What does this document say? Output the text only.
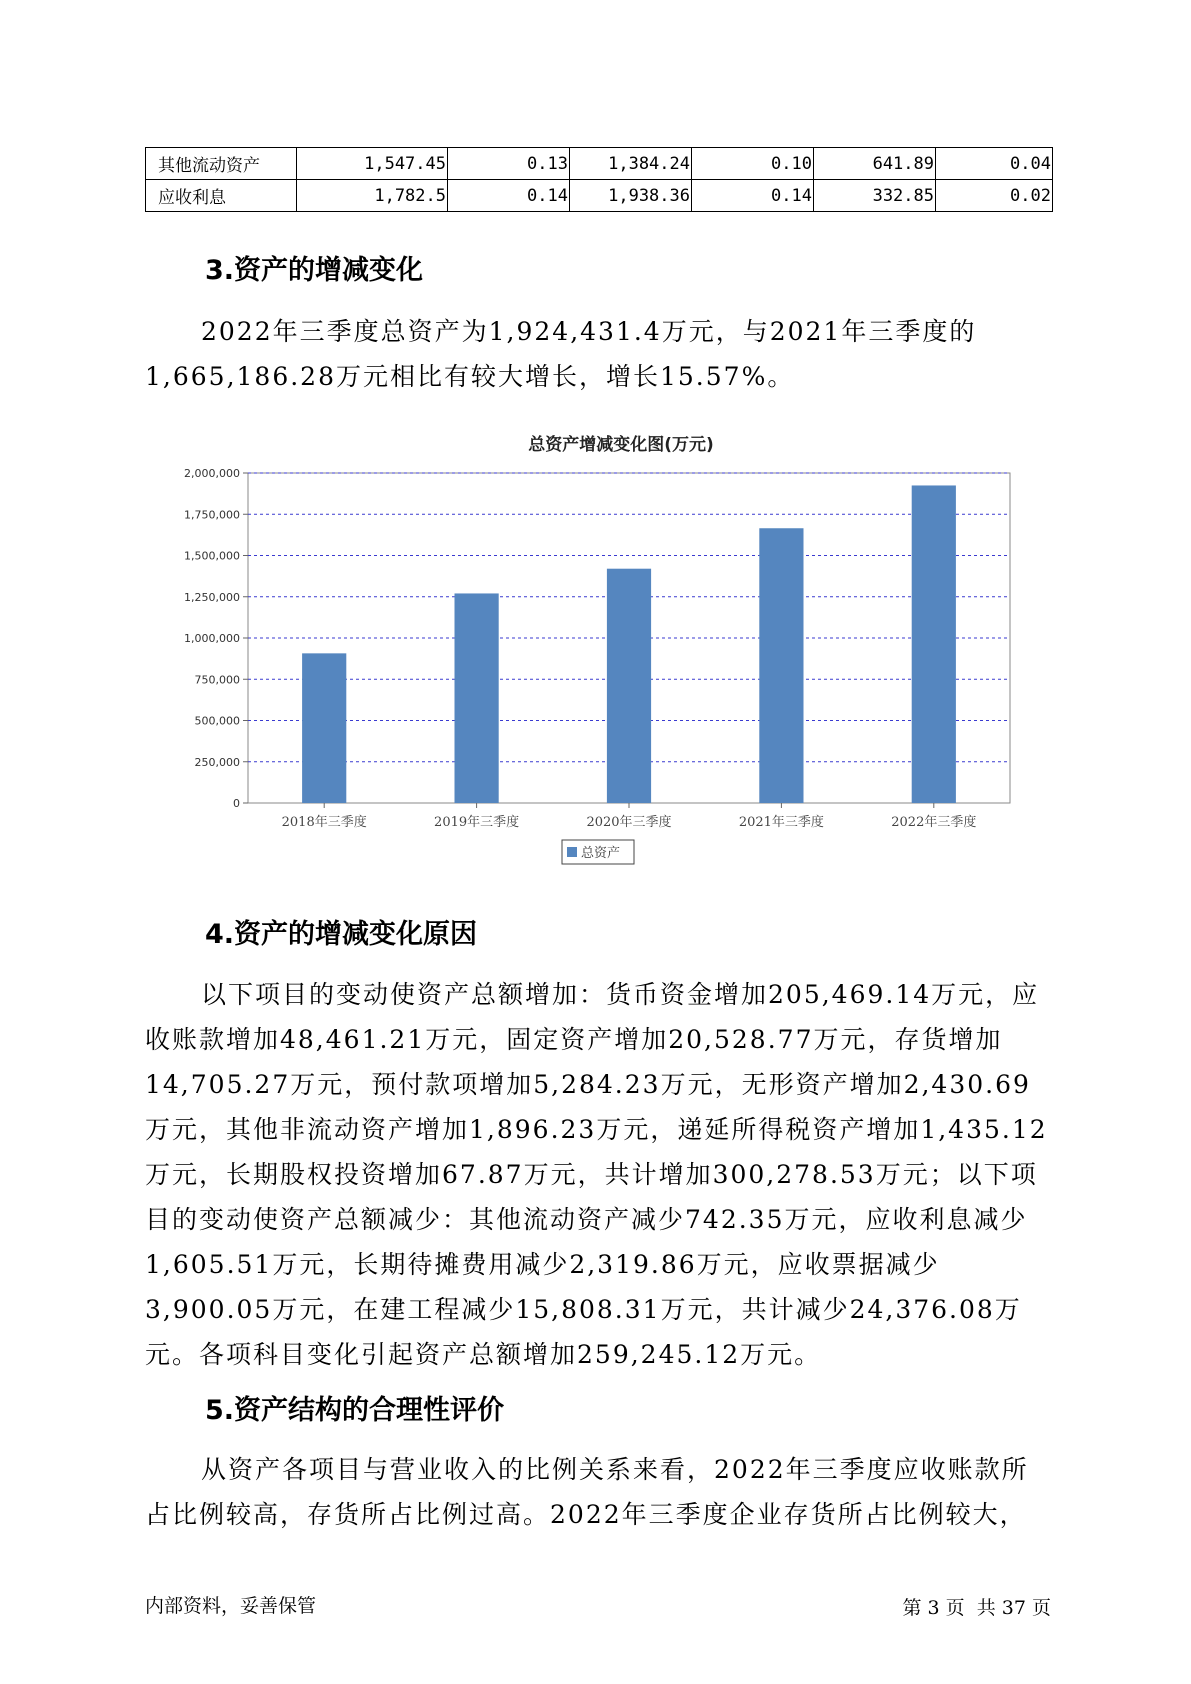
其他流动资产	1,547.45	0.13	1,384.24	0.10	641.89	0.04
应收利息	1,782.5	0.14	1,938.36	0.14	332.85	0.02
3.资产的增减变化

2022年三季度总资产为1,924,431.4万元，与2021年三季度的1,665,186.28万元相比有较大增长，增长15.57%。

总资产增减变化图(万元)
0
250,000
500,000
750,000
1,000,000
1,250,000
1,500,000
1,750,000
2,000,000
2018年三季度	2019年三季度	2020年三季度	2021年三季度	2022年三季度
总资产
4.资产的增减变化原因

以下项目的变动使资产总额增加：货币资金增加205,469.14万元，应收账款增加48,461.21万元，固定资产增加20,528.77万元，存货增加14,705.27万元，预付款项增加5,284.23万元，无形资产增加2,430.69万元，其他非流动资产增加1,896.23万元，递延所得税资产增加1,435.12万元，长期股权投资增加67.87万元，共计增加300,278.53万元；以下项目的变动使资产总额减少：其他流动资产减少742.35万元，应收利息减少1,605.51万元，长期待摊费用减少2,319.86万元，应收票据减少3,900.05万元，在建工程减少15,808.31万元，共计减少24,376.08万元。各项科目变化引起资产总额增加259,245.12万元。

5.资产结构的合理性评价

从资产各项目与营业收入的比例关系来看，2022年三季度应收账款所占比例较高，存货所占比例过高。2022年三季度企业存货所占比例较大，

内部资料，妥善保管	第 3 页  共 37 页
